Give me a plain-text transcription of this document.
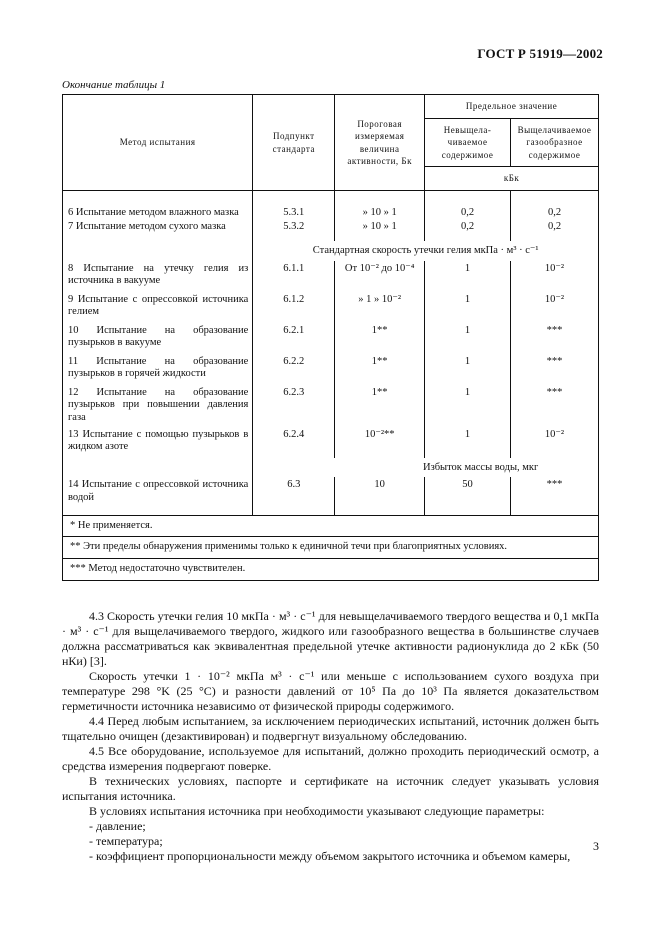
ГОСТ Р 51919—2002
Окончание таблицы 1
Метод испытания	Подпункт стандарта	Пороговая измеряемая величина активности, Бк	Предельное значение	
			Невыщела- чиваемое содержимое	Выщелачиваемое газообразное содержимое
			кБк	

6 Испытание методом влажного мазка	5.3.1	» 10 » 1	0,2	0,2
7 Испытание методом сухого мазка	5.3.2	» 10 » 1	0,2	0,2
	Стандартная скорость утечки гелия мкПа · м³ · с⁻¹			
8 Испытание на утечку гелия из источника в вакууме	6.1.1	От 10⁻² до 10⁻⁴	1	10⁻²
9 Испытание с опрессовкой источника гелием	6.1.2	» 1 » 10⁻²	1	10⁻²
10 Испытание на образование пузырьков в вакууме	6.2.1	1**	1	***
11 Испытание на образование пузырьков в горячей жидкости	6.2.2	1**	1	***
12 Испытание на образование пузырьков при повышении давления газа	6.2.3	1**	1	***
13 Испытание с помощью пузырьков в жидком азоте	6.2.4	10⁻²**	1	10⁻²
	Избыток массы воды, мкг			
14 Испытание с опрессовкой источника водой	6.3	10	50	***
* Не применяется.				
** Эти пределы обнаружения применимы только к единичной течи при благоприятных условиях.				
*** Метод недостаточно чувствителен.				

4.3 Скорость утечки гелия 10 мкПа · м³ · с⁻¹ для невыщелачиваемого твердого вещества и 0,1 мкПа · м³ · с⁻¹ для выщелачиваемого твердого, жидкого или газообразного вещества в большинстве случаев должна рассматриваться как эквивалентная предельной утечке активности радионуклида до 2 кБк (50 нКи) [3].

Скорость утечки 1 · 10⁻² мкПа м³ · с⁻¹ или меньше с использованием сухого воздуха при температуре 298 °K (25 °C) и разности давлений от 10⁵ Па до 10³ Па является доказательством герметичности источника независимо от физической природы содержимого.

4.4 Перед любым испытанием, за исключением периодических испытаний, источник должен быть тщательно очищен (дезактивирован) и подвергнут визуальному обследованию.

4.5 Все оборудование, используемое для испытаний, должно проходить периодический осмотр, а средства измерения подвергают поверке.

В технических условиях, паспорте и сертификате на источник следует указывать условия испытания источника.

В условиях испытания источника при необходимости указывают следующие параметры:

- давление;

- температура;

- коэффициент пропорциональности между объемом закрытого источника и объемом камеры,

3
